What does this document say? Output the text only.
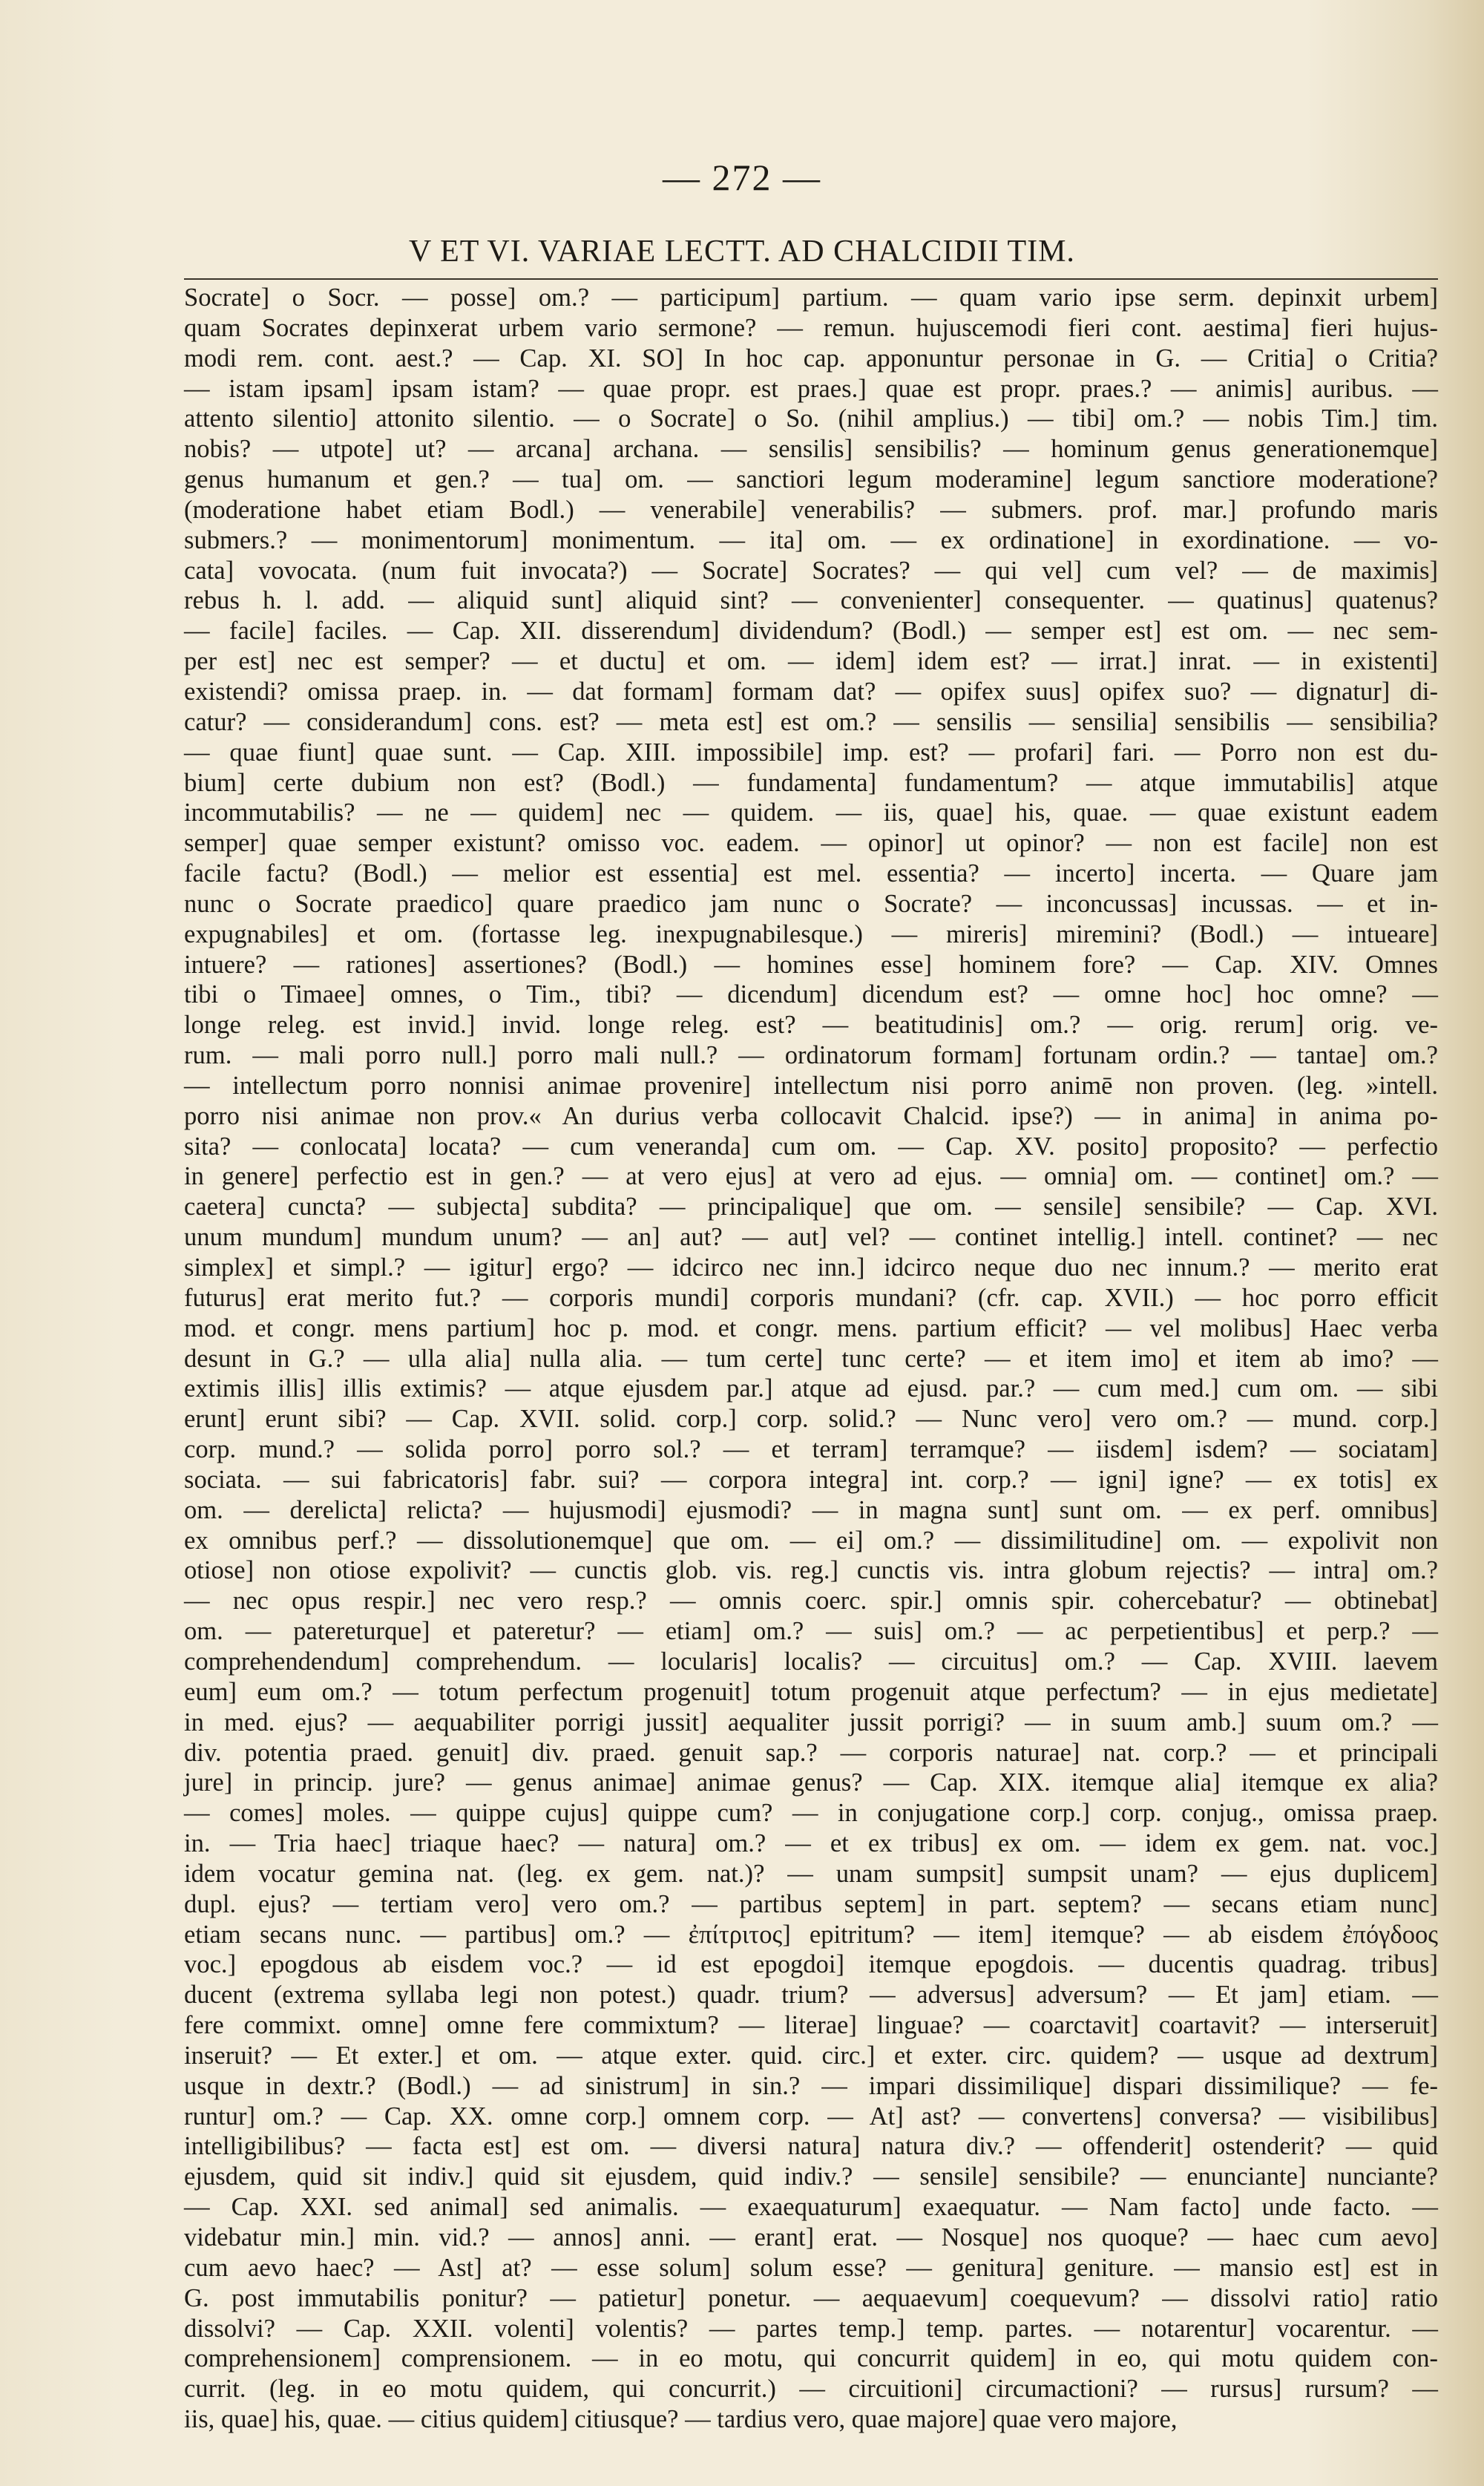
— 272 —
V ET VI. VARIAE LECTT. AD CHALCIDII TIM.
Socrate] o Socr. — posse] om.? — participum] partium. — quam vario ipse serm. depinxit urbem]
quam Socrates depinxerat urbem vario sermone? — remun. hujuscemodi fieri cont. aestima] fieri hujus-
modi rem. cont. aest.? — Cap. XI. SO] In hoc cap. apponuntur personae in G. — Critia] o Critia?
— istam ipsam] ipsam istam? — quae propr. est praes.] quae est propr. praes.? — animis] auribus. —
attento silentio] attonito silentio. — o Socrate] o So. (nihil amplius.) — tibi] om.? — nobis Tim.] tim.
nobis? — utpote] ut? — arcana] archana. — sensilis] sensibilis? — hominum genus generationemque]
genus humanum et gen.? — tua] om. — sanctiori legum moderamine] legum sanctiore moderatione?
(moderatione habet etiam Bodl.) — venerabile] venerabilis? — submers. prof. mar.] profundo maris
submers.? — monimentorum] monimentum. — ita] om. — ex ordinatione] in exordinatione. — vo-
cata] vovocata. (num fuit invocata?) — Socrate] Socrates? — qui vel] cum vel? — de maximis]
rebus h. l. add. — aliquid sunt] aliquid sint? — convenienter] consequenter. — quatinus] quatenus?
— facile] faciles. — Cap. XII. disserendum] dividendum? (Bodl.) — semper est] est om. — nec sem-
per est] nec est semper? — et ductu] et om. — idem] idem est? — irrat.] inrat. — in existenti]
existendi? omissa praep. in. — dat formam] formam dat? — opifex suus] opifex suo? — dignatur] di-
catur? — considerandum] cons. est? — meta est] est om.? — sensilis — sensilia] sensibilis — sensibilia?
— quae fiunt] quae sunt. — Cap. XIII. impossibile] imp. est? — profari] fari. — Porro non est du-
bium] certe dubium non est? (Bodl.) — fundamenta] fundamentum? — atque immutabilis] atque
incommutabilis? — ne — quidem] nec — quidem. — iis, quae] his, quae. — quae existunt eadem
semper] quae semper existunt? omisso voc. eadem. — opinor] ut opinor? — non est facile] non est
facile factu? (Bodl.) — melior est essentia] est mel. essentia? — incerto] incerta. — Quare jam
nunc o Socrate praedico] quare praedico jam nunc o Socrate? — inconcussas] incussas. — et in-
expugnabiles] et om. (fortasse leg. inexpugnabilesque.) — mireris] miremini? (Bodl.) — intueare]
intuere? — rationes] assertiones? (Bodl.) — homines esse] hominem fore? — Cap. XIV. Omnes
tibi o Timaee] omnes, o Tim., tibi? — dicendum] dicendum est? — omne hoc] hoc omne? —
longe releg. est invid.] invid. longe releg. est? — beatitudinis] om.? — orig. rerum] orig. ve-
rum. — mali porro null.] porro mali null.? — ordinatorum formam] fortunam ordin.? — tantae] om.?
— intellectum porro nonnisi animae provenire] intellectum nisi porro animē non proven. (leg. »intell.
porro nisi animae non prov.« An durius verba collocavit Chalcid. ipse?) — in anima] in anima po-
sita? — conlocata] locata? — cum veneranda] cum om. — Cap. XV. posito] proposito? — perfectio
in genere] perfectio est in gen.? — at vero ejus] at vero ad ejus. — omnia] om. — continet] om.? —
caetera] cuncta? — subjecta] subdita? — principalique] que om. — sensile] sensibile? — Cap. XVI.
unum mundum] mundum unum? — an] aut? — aut] vel? — continet intellig.] intell. continet? — nec
simplex] et simpl.? — igitur] ergo? — idcirco nec inn.] idcirco neque duo nec innum.? — merito erat
futurus] erat merito fut.? — corporis mundi] corporis mundani? (cfr. cap. XVII.) — hoc porro efficit
mod. et congr. mens partium] hoc p. mod. et congr. mens. partium efficit? — vel molibus] Haec verba
desunt in G.? — ulla alia] nulla alia. — tum certe] tunc certe? — et item imo] et item ab imo? —
extimis illis] illis extimis? — atque ejusdem par.] atque ad ejusd. par.? — cum med.] cum om. — sibi
erunt] erunt sibi? — Cap. XVII. solid. corp.] corp. solid.? — Nunc vero] vero om.? — mund. corp.]
corp. mund.? — solida porro] porro sol.? — et terram] terramque? — iisdem] isdem? — sociatam]
sociata. — sui fabricatoris] fabr. sui? — corpora integra] int. corp.? — igni] igne? — ex totis] ex
om. — derelicta] relicta? — hujusmodi] ejusmodi? — in magna sunt] sunt om. — ex perf. omnibus]
ex omnibus perf.? — dissolutionemque] que om. — ei] om.? — dissimilitudine] om. — expolivit non
otiose] non otiose expolivit? — cunctis glob. vis. reg.] cunctis vis. intra globum rejectis? — intra] om.?
— nec opus respir.] nec vero resp.? — omnis coerc. spir.] omnis spir. cohercebatur? — obtinebat]
om. — patereturque] et pateretur? — etiam] om.? — suis] om.? — ac perpetientibus] et perp.? —
comprehendendum] comprehendum. — locularis] localis? — circuitus] om.? — Cap. XVIII. laevem
eum] eum om.? — totum perfectum progenuit] totum progenuit atque perfectum? — in ejus medietate]
in med. ejus? — aequabiliter porrigi jussit] aequaliter jussit porrigi? — in suum amb.] suum om.? —
div. potentia praed. genuit] div. praed. genuit sap.? — corporis naturae] nat. corp.? — et principali
jure] in princip. jure? — genus animae] animae genus? — Cap. XIX. itemque alia] itemque ex alia?
— comes] moles. — quippe cujus] quippe cum? — in conjugatione corp.] corp. conjug., omissa praep.
in. — Tria haec] triaque haec? — natura] om.? — et ex tribus] ex om. — idem ex gem. nat. voc.]
idem vocatur gemina nat. (leg. ex gem. nat.)? — unam sumpsit] sumpsit unam? — ejus duplicem]
dupl. ejus? — tertiam vero] vero om.? — partibus septem] in part. septem? — secans etiam nunc]
etiam secans nunc. — partibus] om.? — ἐπίτριτος] epitritum? — item] itemque? — ab eisdem ἐπόγδοος
voc.] epogdous ab eisdem voc.? — id est epogdoi] itemque epogdois. — ducentis quadrag. tribus]
ducent (extrema syllaba legi non potest.) quadr. trium? — adversus] adversum? — Et jam] etiam. —
fere commixt. omne] omne fere commixtum? — literae] linguae? — coarctavit] coartavit? — interseruit]
inseruit? — Et exter.] et om. — atque exter. quid. circ.] et exter. circ. quidem? — usque ad dextrum]
usque in dextr.? (Bodl.) — ad sinistrum] in sin.? — impari dissimilique] dispari dissimilique? — fe-
runtur] om.? — Cap. XX. omne corp.] omnem corp. — At] ast? — convertens] conversa? — visibilibus]
intelligibilibus? — facta est] est om. — diversi natura] natura div.? — offenderit] ostenderit? — quid
ejusdem, quid sit indiv.] quid sit ejusdem, quid indiv.? — sensile] sensibile? — enunciante] nunciante?
— Cap. XXI. sed animal] sed animalis. — exaequaturum] exaequatur. — Nam facto] unde facto. —
videbatur min.] min. vid.? — annos] anni. — erant] erat. — Nosque] nos quoque? — haec cum aevo]
cum aevo haec? — Ast] at? — esse solum] solum esse? — genitura] geniture. — mansio est] est in
G. post immutabilis ponitur? — patietur] ponetur. — aequaevum] coequevum? — dissolvi ratio] ratio
dissolvi? — Cap. XXII. volenti] volentis? — partes temp.] temp. partes. — notarentur] vocarentur. —
comprehensionem] comprensionem. — in eo motu, qui concurrit quidem] in eo, qui motu quidem con-
currit. (leg. in eo motu quidem, qui concurrit.) — circuitioni] circumactioni? — rursus] rursum? —
iis, quae] his, quae. — citius quidem] citiusque? — tardius vero, quae majore] quae vero majore,
